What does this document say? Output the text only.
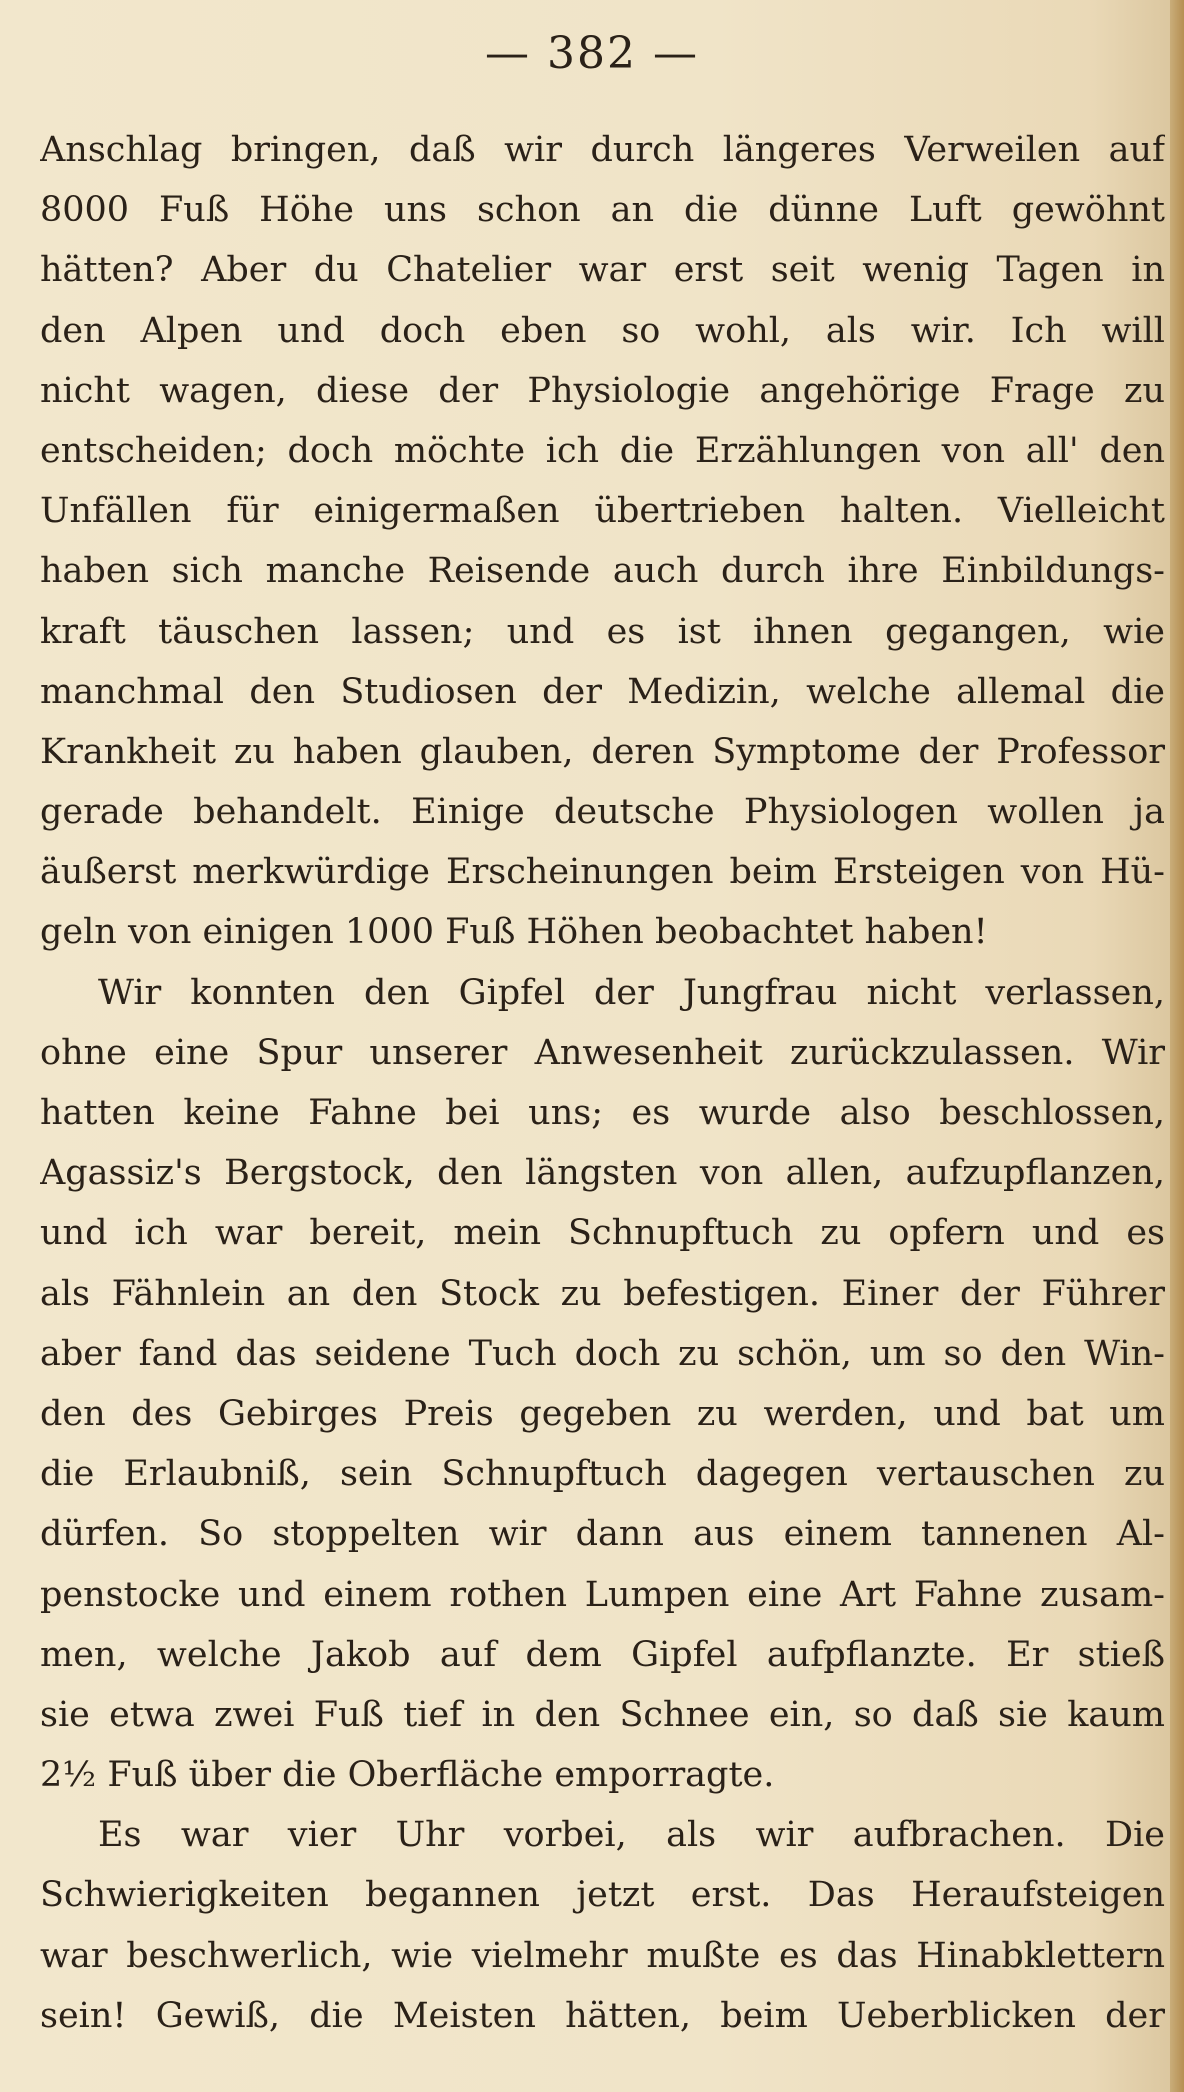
— 382 —
Anschlag bringen, daß wir durch längeres Verweilen auf
8000 Fuß Höhe uns schon an die dünne Luft gewöhnt
hätten? Aber du Chatelier war erst seit wenig Tagen in
den Alpen und doch eben so wohl, als wir. Ich will
nicht wagen, diese der Physiologie angehörige Frage zu
entscheiden; doch möchte ich die Erzählungen von all' den
Unfällen für einigermaßen übertrieben halten. Vielleicht
haben sich manche Reisende auch durch ihre Einbildungs-
kraft täuschen lassen; und es ist ihnen gegangen, wie
manchmal den Studiosen der Medizin, welche allemal die
Krankheit zu haben glauben, deren Symptome der Professor
gerade behandelt. Einige deutsche Physiologen wollen ja
äußerst merkwürdige Erscheinungen beim Ersteigen von Hü-
geln von einigen 1000 Fuß Höhen beobachtet haben!
Wir konnten den Gipfel der Jungfrau nicht verlassen,
ohne eine Spur unserer Anwesenheit zurückzulassen. Wir
hatten keine Fahne bei uns; es wurde also beschlossen,
Agassiz's Bergstock, den längsten von allen, aufzupflanzen,
und ich war bereit, mein Schnupftuch zu opfern und es
als Fähnlein an den Stock zu befestigen. Einer der Führer
aber fand das seidene Tuch doch zu schön, um so den Win-
den des Gebirges Preis gegeben zu werden, und bat um
die Erlaubniß, sein Schnupftuch dagegen vertauschen zu
dürfen. So stoppelten wir dann aus einem tannenen Al-
penstocke und einem rothen Lumpen eine Art Fahne zusam-
men, welche Jakob auf dem Gipfel aufpflanzte. Er stieß
sie etwa zwei Fuß tief in den Schnee ein, so daß sie kaum
2½ Fuß über die Oberfläche emporragte.
Es war vier Uhr vorbei, als wir aufbrachen. Die
Schwierigkeiten begannen jetzt erst. Das Heraufsteigen
war beschwerlich, wie vielmehr mußte es das Hinabklettern
sein! Gewiß, die Meisten hätten, beim Ueberblicken der
